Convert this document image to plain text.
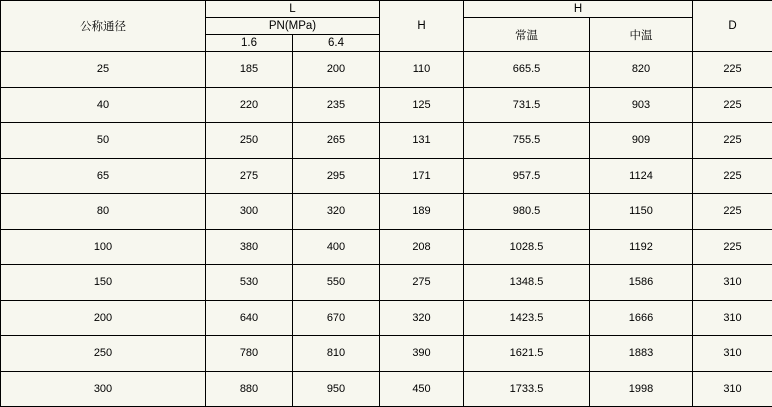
公称通径	L		H	H		D
	PN(MPa)			常温	中温	
	1.6	6.4				
25	185	200	110	665.5	820	225
40	220	235	125	731.5	903	225
50	250	265	131	755.5	909	225
65	275	295	171	957.5	1124	225
80	300	320	189	980.5	1150	225
100	380	400	208	1028.5	1192	225
150	530	550	275	1348.5	1586	310
200	640	670	320	1423.5	1666	310
250	780	810	390	1621.5	1883	310
300	880	950	450	1733.5	1998	310
